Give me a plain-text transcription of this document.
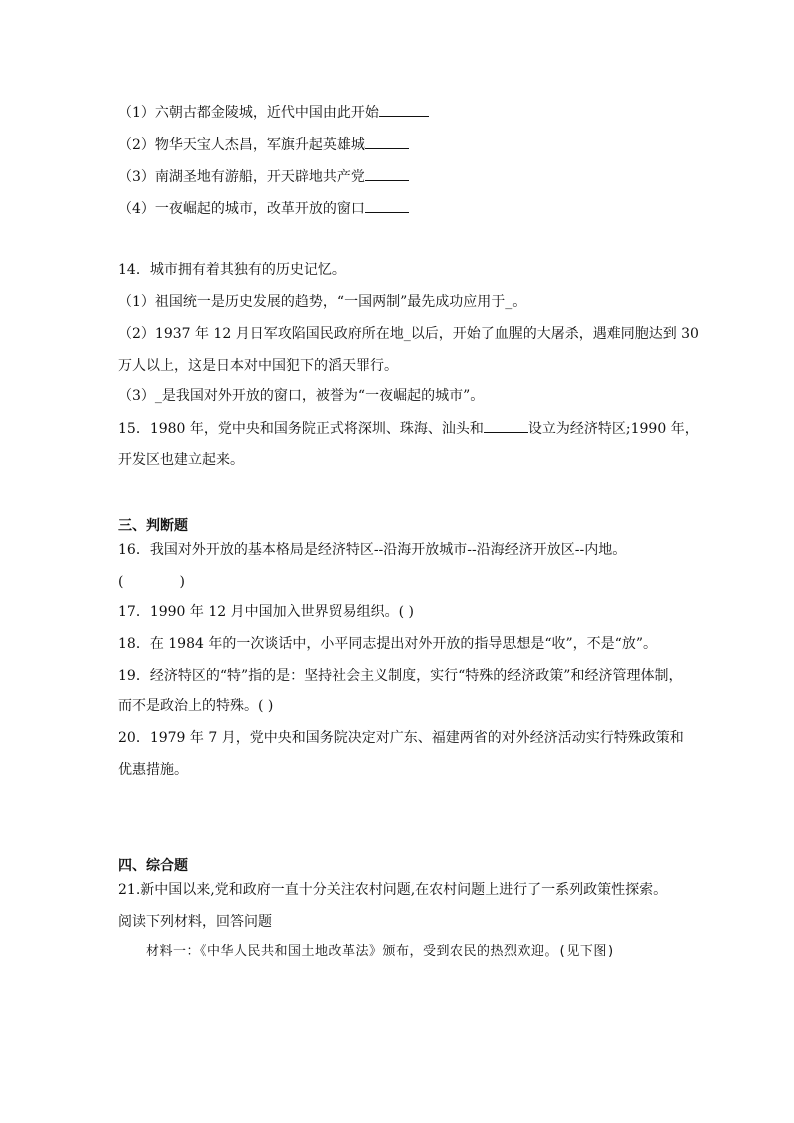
（1）六朝古都金陵城，近代中国由此开始
（2）物华天宝人杰昌，军旗升起英雄城
（3）南湖圣地有游船，开天辟地共产党
（4）一夜崛起的城市，改革开放的窗口
14．城市拥有着其独有的历史记忆。
（1）祖国统一是历史发展的趋势，“一国两制”最先成功应用于_。
（2）1937 年 12 月日军攻陷国民政府所在地_以后，开始了血腥的大屠杀，遇难同胞达到 30
万人以上，这是日本对中国犯下的滔天罪行。
（3）_是我国对外开放的窗口，被誉为“一夜崛起的城市”。
15．1980 年，党中央和国务院正式将深圳、珠海、汕头和	设立为经济特区;1990 年，
开发区也建立起来。
三、判断题
16．我国对外开放的基本格局是经济特区--沿海开放城市--沿海经济开放区--内地。
(　　　　)
17．1990 年 12 月中国加入世界贸易组织。( )
18．在 1984 年的一次谈话中，小平同志提出对外开放的指导思想是“收”，不是“放”。
19．经济特区的“特”指的是：坚持社会主义制度，实行“特殊的经济政策”和经济管理体制，
而不是政治上的特殊。( )
20．1979 年 7 月，党中央和国务院决定对广东、福建两省的对外经济活动实行特殊政策和
优惠措施。
四、综合题
21.新中国以来,党和政府一直十分关注农村问题,在农村问题上进行了一系列政策性探索。
阅读下列材料，回答问题
材料一：《中华人民共和国土地改革法》颁布，受到农民的热烈欢迎。(见下图)
